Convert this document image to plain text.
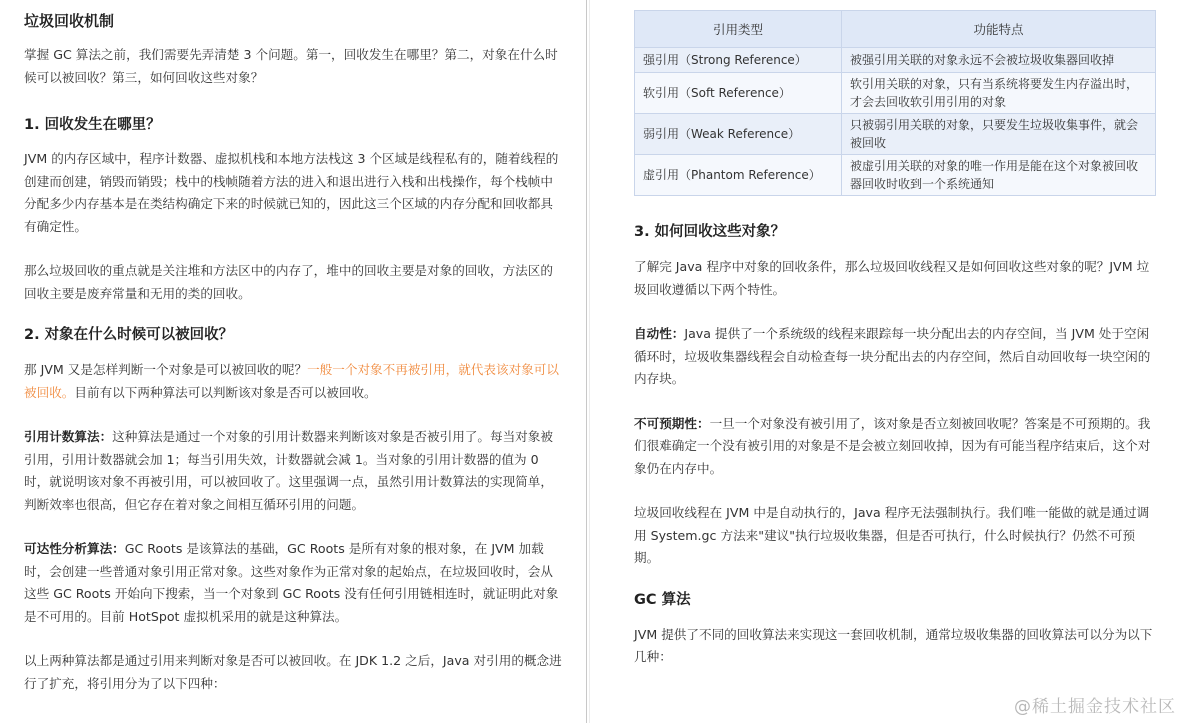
垃圾回收机制

掌握 GC 算法之前，我们需要先弄清楚 3 个问题。第一，回收发生在哪里？第二，对象在什么时候可以被回收？第三，如何回收这些对象？

1. 回收发生在哪里？

JVM 的内存区域中，程序计数器、虚拟机栈和本地方法栈这 3 个区域是线程私有的，随着线程的创建而创建，销毁而销毁；栈中的栈帧随着方法的进入和退出进行入栈和出栈操作，每个栈帧中分配多少内存基本是在类结构确定下来的时候就已知的，因此这三个区域的内存分配和回收都具有确定性。

那么垃圾回收的重点就是关注堆和方法区中的内存了，堆中的回收主要是对象的回收，方法区的回收主要是废弃常量和无用的类的回收。

2. 对象在什么时候可以被回收？

那 JVM 又是怎样判断一个对象是可以被回收的呢？一般一个对象不再被引用，就代表该对象可以被回收。目前有以下两种算法可以判断该对象是否可以被回收。

引用计数算法：这种算法是通过一个对象的引用计数器来判断该对象是否被引用了。每当对象被引用，引用计数器就会加 1；每当引用失效，计数器就会减 1。当对象的引用计数器的值为 0 时，就说明该对象不再被引用，可以被回收了。这里强调一点，虽然引用计数算法的实现简单，判断效率也很高，但它存在着对象之间相互循环引用的问题。

可达性分析算法：GC Roots 是该算法的基础，GC Roots 是所有对象的根对象，在 JVM 加载时，会创建一些普通对象引用正常对象。这些对象作为正常对象的起始点，在垃圾回收时，会从这些 GC Roots 开始向下搜索，当一个对象到 GC Roots 没有任何引用链相连时，就证明此对象是不可用的。目前 HotSpot 虚拟机采用的就是这种算法。

以上两种算法都是通过引用来判断对象是否可以被回收。在 JDK 1.2 之后，Java 对引用的概念进行了扩充，将引用分为了以下四种：

引用类型	功能特点
强引用（Strong Reference）	被强引用关联的对象永远不会被垃圾收集器回收掉
软引用（Soft Reference）	软引用关联的对象，只有当系统将要发生内存溢出时，才会去回收软引用引用的对象
弱引用（Weak Reference）	只被弱引用关联的对象，只要发生垃圾收集事件，就会被回收
虚引用（Phantom Reference）	被虚引用关联的对象的唯一作用是能在这个对象被回收器回收时收到一个系统通知
3. 如何回收这些对象？

了解完 Java 程序中对象的回收条件，那么垃圾回收线程又是如何回收这些对象的呢？JVM 垃圾回收遵循以下两个特性。

自动性：Java 提供了一个系统级的线程来跟踪每一块分配出去的内存空间，当 JVM 处于空闲循环时，垃圾收集器线程会自动检查每一块分配出去的内存空间，然后自动回收每一块空闲的内存块。

不可预期性：一旦一个对象没有被引用了，该对象是否立刻被回收呢？答案是不可预期的。我们很难确定一个没有被引用的对象是不是会被立刻回收掉，因为有可能当程序结束后，这个对象仍在内存中。

垃圾回收线程在 JVM 中是自动执行的，Java 程序无法强制执行。我们唯一能做的就是通过调用 System.gc 方法来"建议"执行垃圾收集器，但是否可执行，什么时候执行？仍然不可预期。

GC 算法

JVM 提供了不同的回收算法来实现这一套回收机制，通常垃圾收集器的回收算法可以分为以下几种：

@稀土掘金技术社区
